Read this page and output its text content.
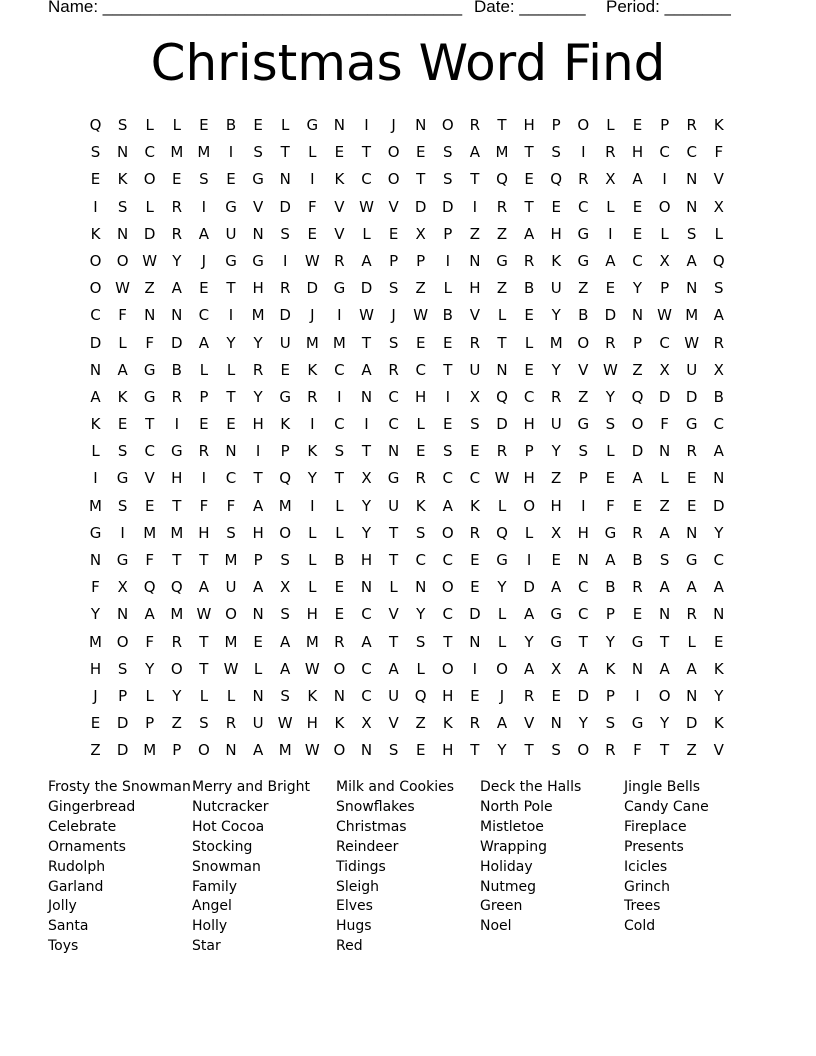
Name: ______________________________________ Date: _______ Period: _______
Christmas Word Find
Q	S	L	L	E	B	E	L	G	N	I	J	N	O	R	T	H	P	O	L	E	P	R	K
S	N	C	M M	I	S	T	L	E	T	O	E	S	A	M	T	S	I	R	H	C	C	F
E	K	O	E	S	E	G	N	I	K	C	O	T	S	T	Q	E	Q	R	X	A	I	N	V
I	S	L	R	I	G	V	D	F	V W V	D	D	I	R	T	E	C	L	E	O	N	X
K	N	D	R	A	U	N	S	E	V	L	E	X	P	Z	Z	A	H	G	I	E	L	S	L
O	O W	Y	J	G	G	I	W R	A	P	P	I	N	G	R	K	G	A	C	X	A	Q
O W Z	A	E	T	H	R	D	G	D	S	Z	L	H	Z	B	U	Z	E	Y	P	N	S
C	F	N	N	C	I	M D	J	I	W	J	W B	V	L	E	Y	B	D	N W M	A
D	L	F	D	A	Y	Y	U	M M	T	S	E	E	R	T	L	M O	R	P	C W R
N	A	G	B	L	L	R	E	K	C	A	R	C	T	U	N	E	Y	V W Z	X	U	X
A	K	G	R	P	T	Y	G	R	I	N	C	H	I	X	Q	C	R	Z	Y	Q	D	D	B
K	E	T	I	E	E	H	K	I	C	I	C	L	E	S	D	H	U	G	S	O	F	G	C
L	S	C	G	R	N	I	P	K	S	T	N	E	S	E	R	P	Y	S	L	D	N	R	A
I	G	V	H	I	C	T	Q	Y	T	X	G	R	C	C W H	Z	P	E	A	L	E	N
M	S	E	T	F	F	A	M	I	L	Y	U	K	A	K	L	O	H	I	F	E	Z	E	D
G	I	M M H	S	H	O	L	L	Y	T	S	O	R	Q	L	X	H	G	R	A	N	Y
N	G	F	T	T	M	P	S	L	B	H	T	C	C	E	G	I	E	N	A	B	S	G	C
F	X	Q	Q	A	U	A	X	L	E	N	L	N	O	E	Y	D	A	C	B	R	A	A	A
Y	N	A	M W O	N	S	H	E	C	V	Y	C	D	L	A	G	C	P	E	N	R	N
M O	F	R	T	M	E	A	M	R	A	T	S	T	N	L	Y	G	T	Y	G	T	L	E
H	S	Y	O	T	W	L	A W O	C	A	L	O	I	O	A	X	A	K	N	A	A	K
J	P	L	Y	L	L	N	S	K	N	C	U	Q	H	E	J	R	E	D	P	I	O	N	Y
E	D	P	Z	S	R	U W H	K	X	V	Z	K	R	A	V	N	Y	S	G	Y	D	K
Z	D M	P	O	N	A	M W O	N	S	E	H	T	Y	T	S	O	R	F	T	Z	V
Frosty the Snowman
Gingerbread
Celebrate
Ornaments
Rudolph
Garland
Jolly
Santa
Toys
Merry and Bright
Nutcracker
Hot Cocoa
Stocking
Snowman
Family
Angel
Holly
Star
Milk and Cookies
Snowflakes
Christmas
Reindeer
Tidings
Sleigh
Elves
Hugs
Red
Deck the Halls
North Pole
Mistletoe
Wrapping
Holiday
Nutmeg
Green
Noel
Jingle Bells
Candy Cane
Fireplace
Presents
Icicles
Grinch
Trees
Cold
